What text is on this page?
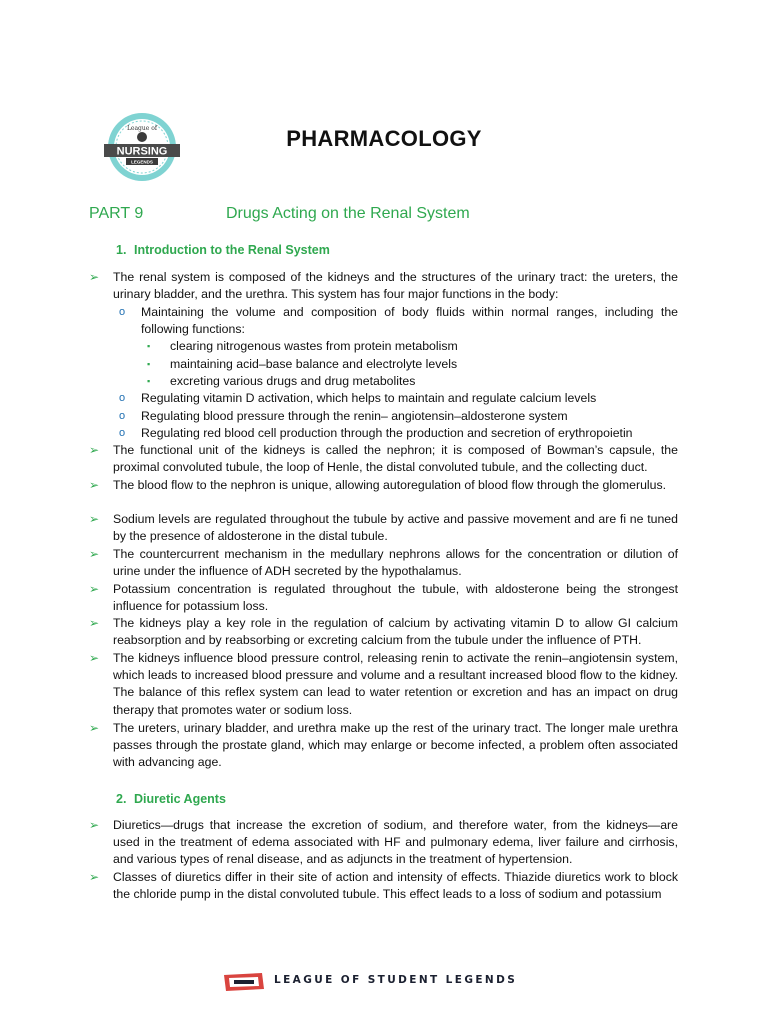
League of
NURSING
LEGENDS
PHARMACOLOGY
PART 9	Drugs Acting on the Renal System
1. Introduction to the Renal System
➢	The renal system is composed of the kidneys and the structures of the urinary tract: the ureters, the urinary bladder, and the urethra. This system has four major functions in the body:
o	Maintaining the volume and composition of body fluids within normal ranges, including the following functions:
▪	clearing nitrogenous wastes from protein metabolism
▪	maintaining acid–base balance and electrolyte levels
▪	excreting various drugs and drug metabolites
o	Regulating vitamin D activation, which helps to maintain and regulate calcium levels
o	Regulating blood pressure through the renin– angiotensin–aldosterone system
o	Regulating red blood cell production through the production and secretion of erythropoietin
➢	The functional unit of the kidneys is called the nephron; it is composed of Bowman’s capsule, the proximal convoluted tubule, the loop of Henle, the distal convoluted tubule, and the collecting duct.
➢	The blood flow to the nephron is unique, allowing autoregulation of blood flow through the glomerulus.
➢	Sodium levels are regulated throughout the tubule by active and passive movement and are fi ne tuned by the presence of aldosterone in the distal tubule.
➢	The countercurrent mechanism in the medullary nephrons allows for the concentration or dilution of urine under the influence of ADH secreted by the hypothalamus.
➢	Potassium concentration is regulated throughout the tubule, with aldosterone being the strongest influence for potassium loss.
➢	The kidneys play a key role in the regulation of calcium by activating vitamin D to allow GI calcium reabsorption and by reabsorbing or excreting calcium from the tubule under the influence of PTH.
➢	The kidneys influence blood pressure control, releasing renin to activate the renin–angiotensin system, which leads to increased blood pressure and volume and a resultant increased blood flow to the kidney. The balance of this reflex system can lead to water retention or excretion and has an impact on drug therapy that promotes water or sodium loss.
➢	The ureters, urinary bladder, and urethra make up the rest of the urinary tract. The longer male urethra passes through the prostate gland, which may enlarge or become infected, a problem often associated with advancing age.
2. Diuretic Agents
➢	Diuretics—drugs that increase the excretion of sodium, and therefore water, from the kidneys—are used in the treatment of edema associated with HF and pulmonary edema, liver failure and cirrhosis, and various types of renal disease, and as adjuncts in the treatment of hypertension.
➢	Classes of diuretics differ in their site of action and intensity of effects. Thiazide diuretics work to block the chloride pump in the distal convoluted tubule. This effect leads to a loss of sodium and potassium
LEAGUE OF STUDENT LEGENDS
